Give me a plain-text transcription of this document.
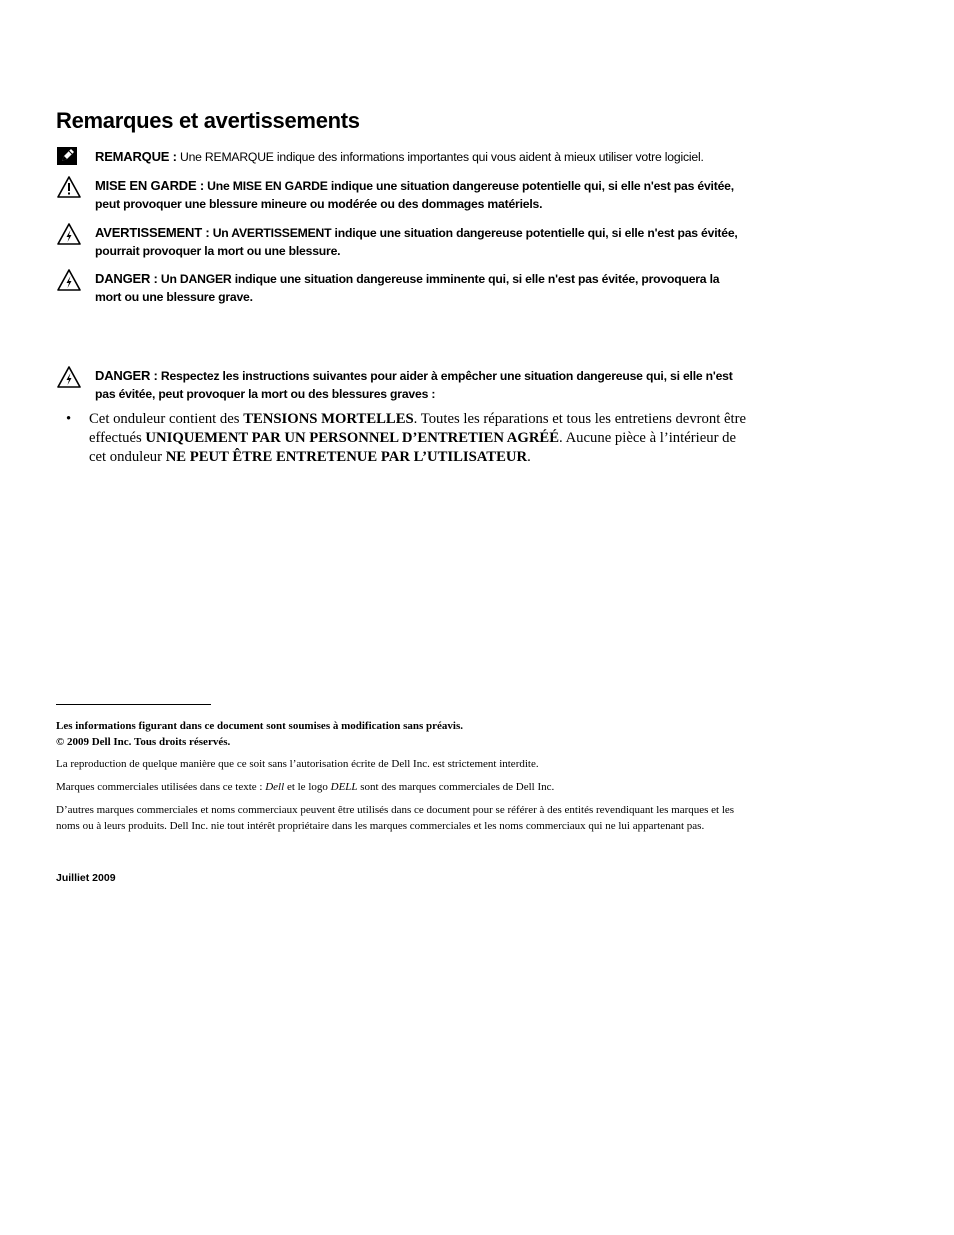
Remarques et avertissements
REMARQUE : Une REMARQUE indique des informations importantes qui vous aident à mieux utiliser votre logiciel.
MISE EN GARDE : Une MISE EN GARDE indique une situation dangereuse potentielle qui, si elle n'est pas évitée,
peut provoquer une blessure mineure ou modérée ou des dommages matériels.
AVERTISSEMENT : Un AVERTISSEMENT indique une situation dangereuse potentielle qui, si elle n'est pas évitée,
pourrait provoquer la mort ou une blessure.
DANGER : Un DANGER indique une situation dangereuse imminente qui, si elle n'est pas évitée, provoquera la
mort ou une blessure grave.
DANGER : Respectez les instructions suivantes pour aider à empêcher une situation dangereuse qui, si elle n'est
pas évitée, peut provoquer la mort ou des blessures graves :
• Cet onduleur contient des TENSIONS MORTELLES. Toutes les réparations et tous les entretiens devront être effectués UNIQUEMENT PAR UN PERSONNEL D’ENTRETIEN AGRÉÉ. Aucune pièce à l’intérieur de cet onduleur NE PEUT ÊTRE ENTRETENUE PAR L’UTILISATEUR.

Les informations figurant dans ce document sont soumises à modification sans préavis.

© 2009 Dell Inc. Tous droits réservés.

La reproduction de quelque manière que ce soit sans l’autorisation écrite de Dell Inc. est strictement interdite.

Marques commerciales utilisées dans ce texte : Dell et le logo DELL sont des marques commerciales de Dell Inc.

D’autres marques commerciales et noms commerciaux peuvent être utilisés dans ce document pour se référer à des entités revendiquant les marques et les noms ou à leurs produits. Dell Inc. nie tout intérêt propriétaire dans les marques commerciales et les noms commerciaux qui ne lui appartenant pas.

Juilliet 2009
